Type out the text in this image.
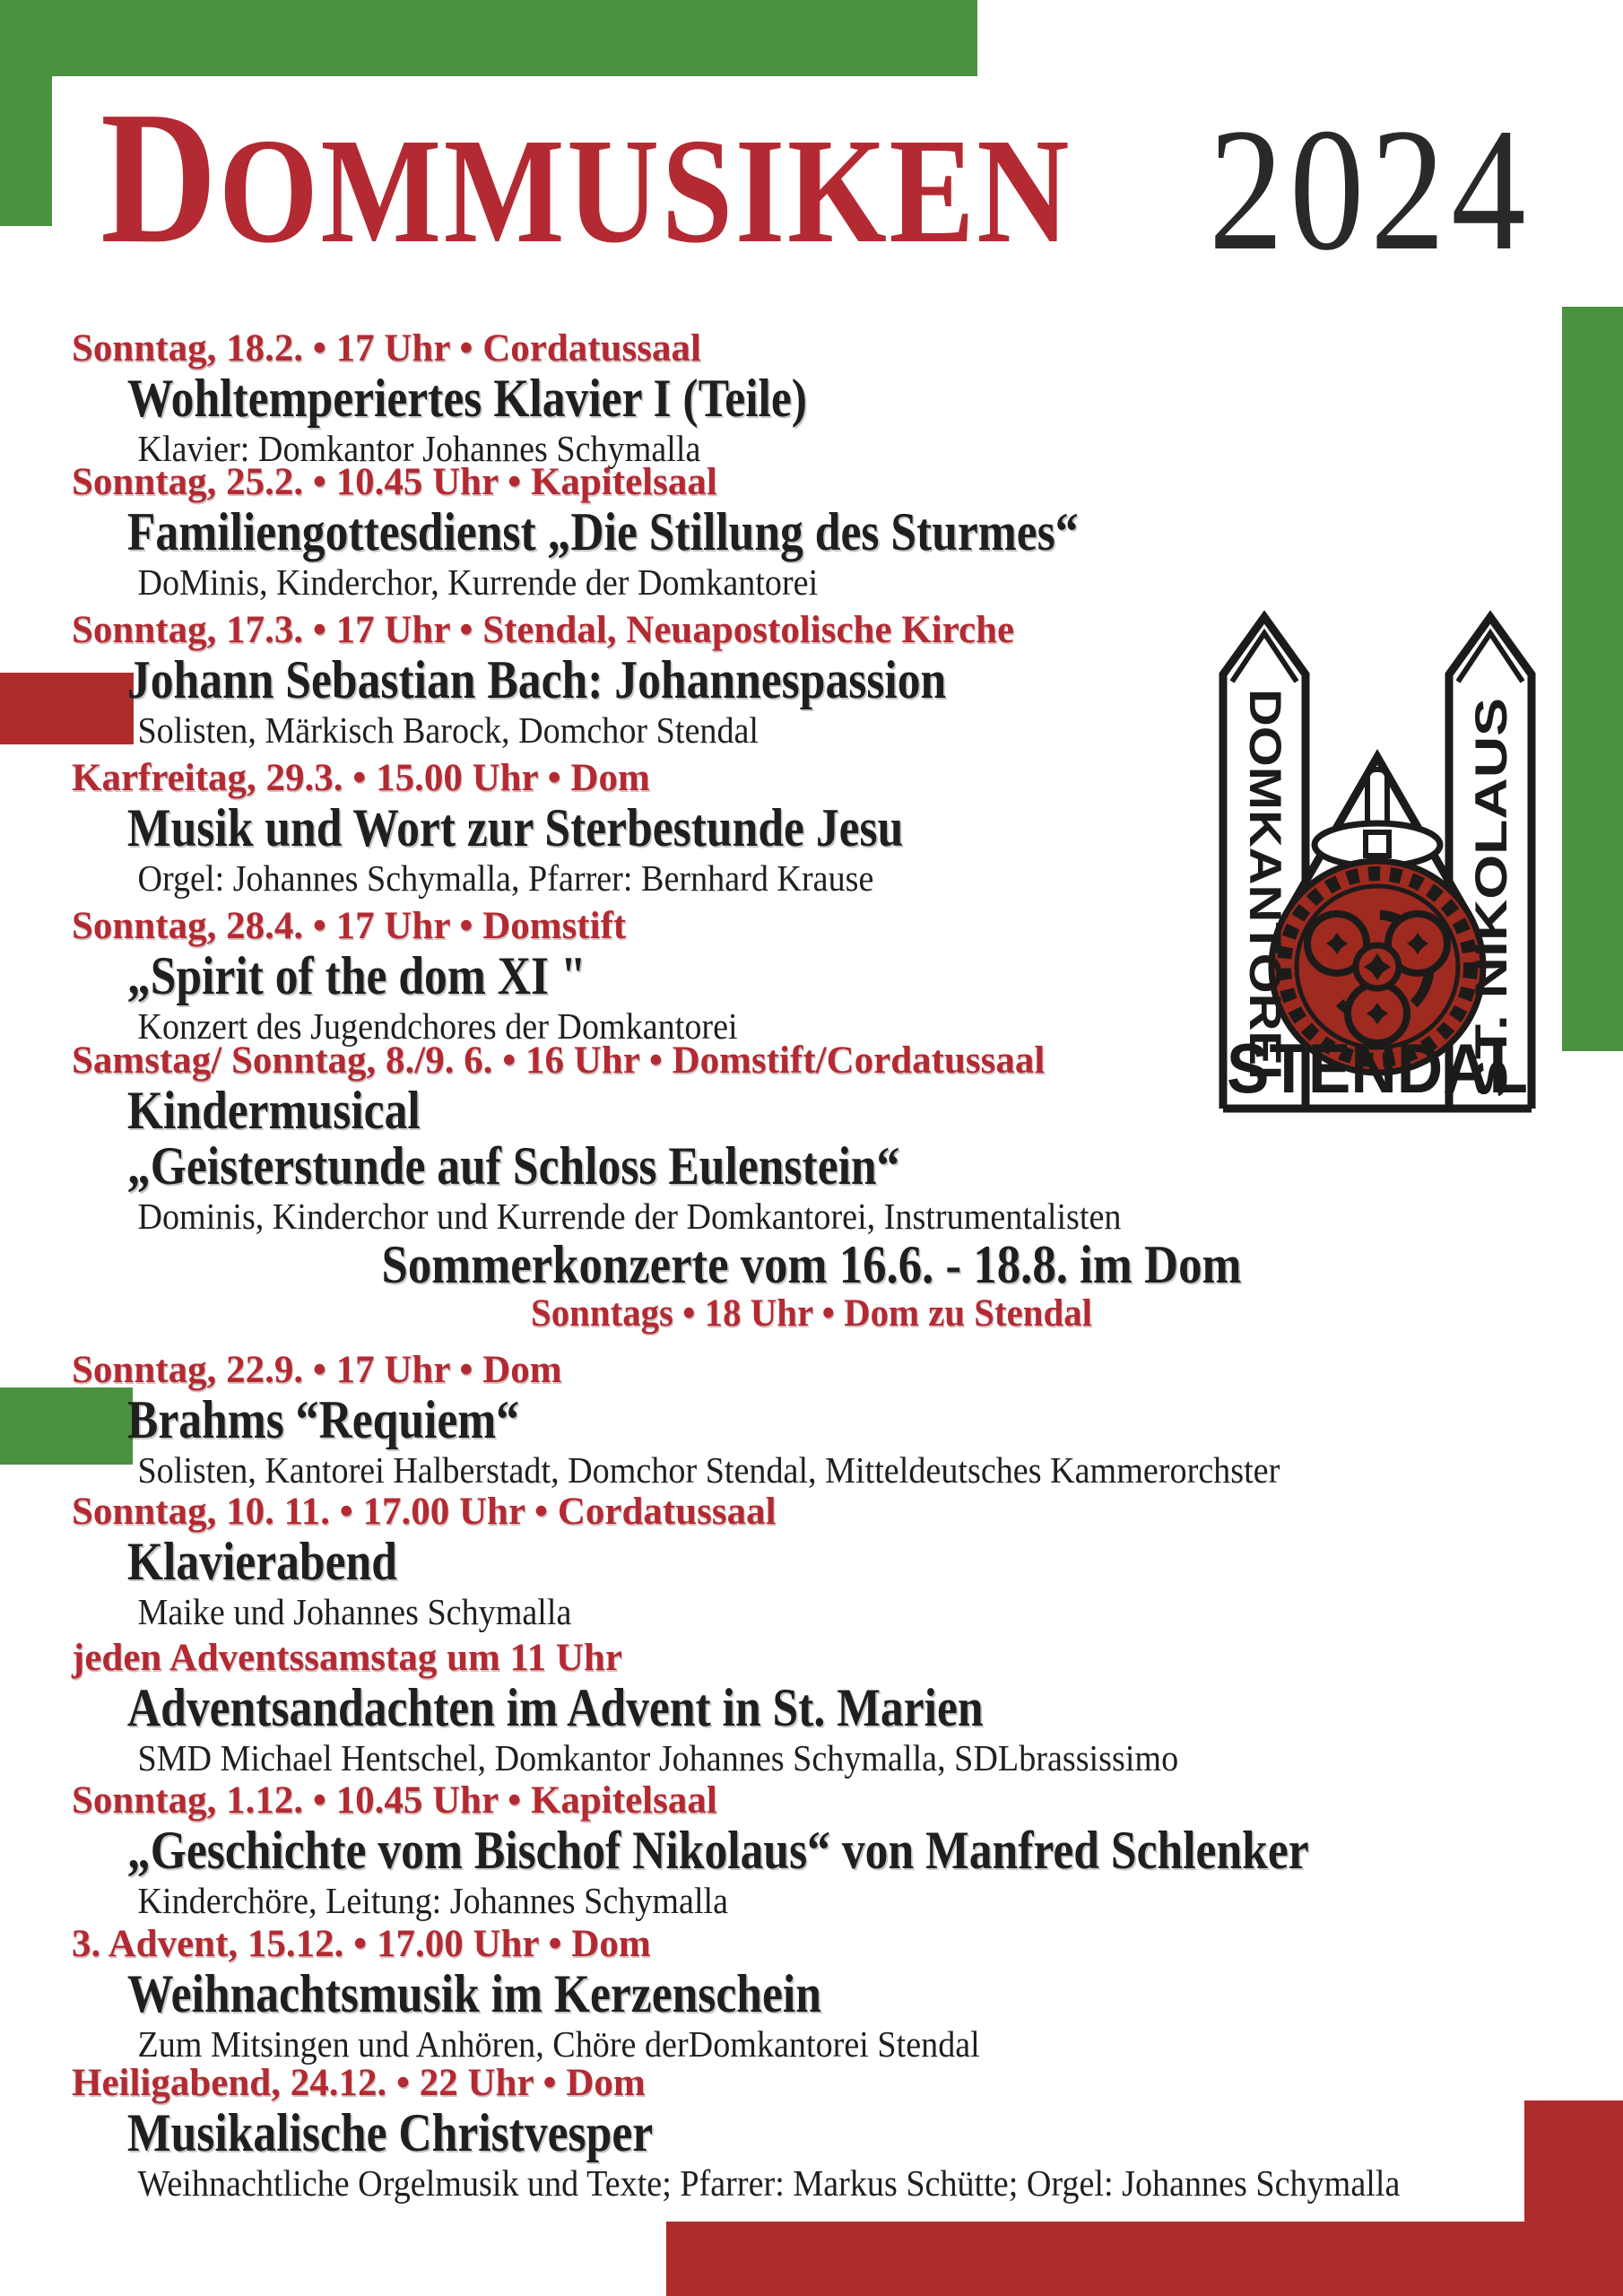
DOMMUSIKEN 2024
DOMKANTOREI	ST. NIKOLAUS
STENDAL
Sonntag, 18.2. • 17 Uhr • Cordatussaal
Wohltemperiertes Klavier I (Teile)
Klavier: Domkantor Johannes Schymalla
Sonntag, 25.2. • 10.45 Uhr • Kapitelsaal
Familiengottesdienst „Die Stillung des Sturmes“
DoMinis, Kinderchor, Kurrende der Domkantorei
Sonntag, 17.3. • 17 Uhr • Stendal, Neuapostolische Kirche
Johann Sebastian Bach: Johannespassion
Solisten, Märkisch Barock, Domchor Stendal
Karfreitag, 29.3. • 15.00 Uhr • Dom
Musik und Wort zur Sterbestunde Jesu
Orgel: Johannes Schymalla, Pfarrer: Bernhard Krause
Sonntag, 28.4. • 17 Uhr • Domstift
„Spirit of the dom XI "
Konzert des Jugendchores der Domkantorei
Samstag/ Sonntag, 8./9. 6. • 16 Uhr • Domstift/Cordatussaal
Kindermusical
„Geisterstunde auf Schloss Eulenstein“
Dominis, Kinderchor und Kurrende der Domkantorei, Instrumentalisten
Sommerkonzerte vom 16.6. - 18.8. im Dom
Sonntags • 18 Uhr • Dom zu Stendal
Sonntag, 22.9. • 17 Uhr • Dom
Brahms “Requiem“
Solisten, Kantorei Halberstadt, Domchor Stendal, Mitteldeutsches Kammerorchster
Sonntag, 10. 11. • 17.00 Uhr • Cordatussaal
Klavierabend
Maike und Johannes Schymalla
jeden Adventssamstag um 11 Uhr
Adventsandachten im Advent in St. Marien
SMD Michael Hentschel, Domkantor Johannes Schymalla, SDLbrassissimo
Sonntag, 1.12. • 10.45 Uhr • Kapitelsaal
„Geschichte vom Bischof Nikolaus“ von Manfred Schlenker
Kinderchöre, Leitung: Johannes Schymalla
3. Advent, 15.12. • 17.00 Uhr • Dom
Weihnachtsmusik im Kerzenschein
Zum Mitsingen und Anhören, Chöre derDomkantorei Stendal
Heiligabend, 24.12. • 22 Uhr • Dom
Musikalische Christvesper
Weihnachtliche Orgelmusik und Texte; Pfarrer: Markus Schütte; Orgel: Johannes Schymalla
